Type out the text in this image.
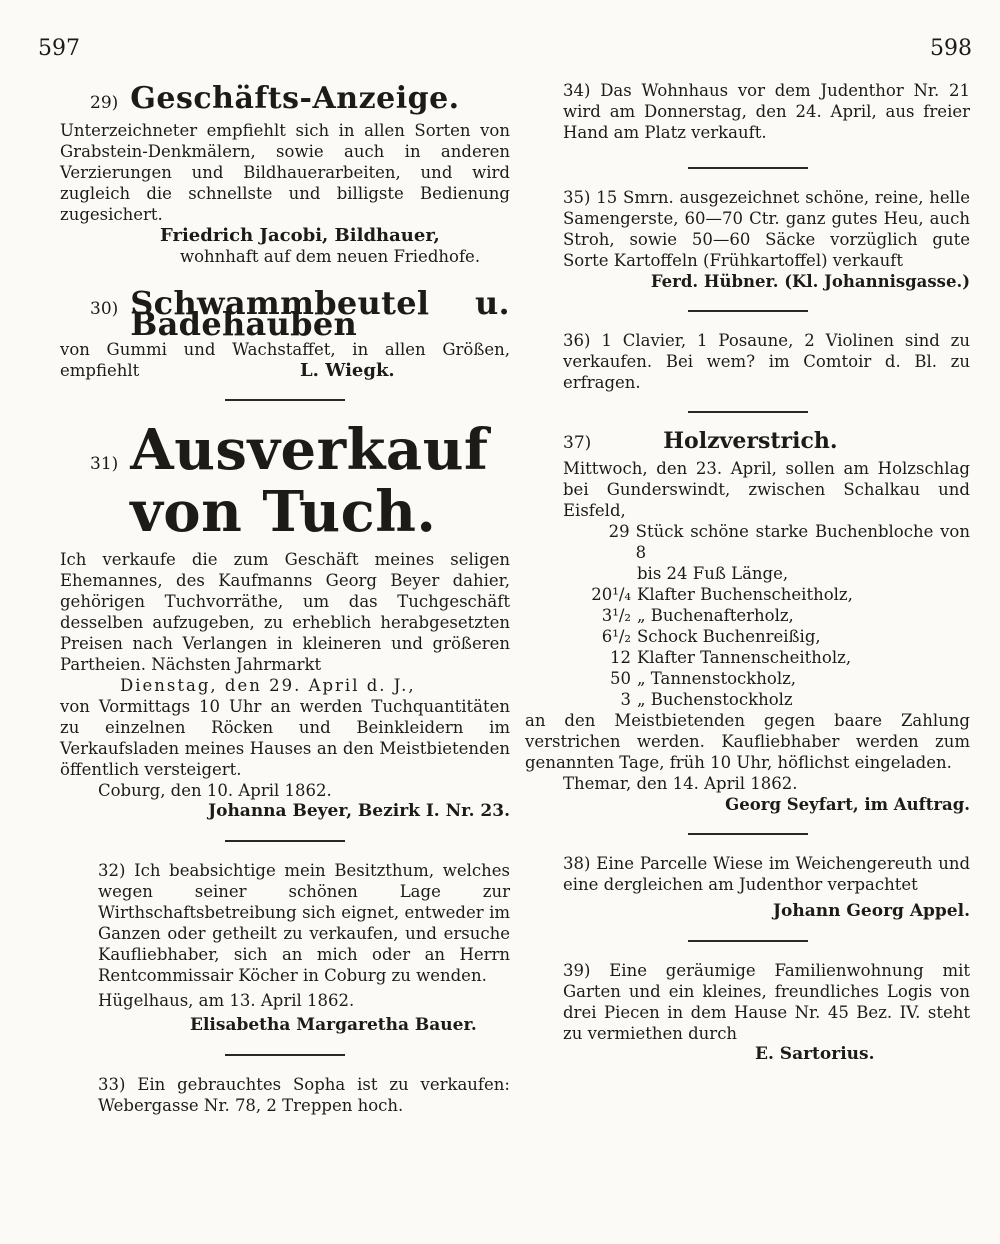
597	598
29) Geschäfts-Anzeige.

Unterzeichneter empfiehlt sich in allen Sorten von Grabstein-Denkmälern, sowie auch in anderen Verzierungen und Bildhauerarbeiten, und wird zugleich die schnellste und billigste Bedienung zugesichert.

Friedrich Jacobi, Bildhauer,

wohnhaft auf dem neuen Friedhofe.

30) Schwammbeutel u. Badehauben

von Gummi und Wachstaffet, in allen Größen, empfiehlt	L. Wiegk.

31) Ausverkauf von Tuch.

Ich verkaufe die zum Geschäft meines seligen Ehemannes, des Kaufmanns Georg Beyer dahier, gehörigen Tuchvorräthe, um das Tuchgeschäft desselben aufzugeben, zu erheblich herabgesetzten Preisen nach Verlangen in kleineren und größeren Partheien. Nächsten Jahrmarkt

Dienstag, den 29. April d. J.,

von Vormittags 10 Uhr an werden Tuchquantitäten zu einzelnen Röcken und Beinkleidern im Verkaufsladen meines Hauses an den Meistbietenden öffentlich versteigert.

Coburg, den 10. April 1862.

Johanna Beyer, Bezirk I. Nr. 23.

32) Ich beabsichtige mein Besitzthum, welches wegen seiner schönen Lage zur Wirthschaftsbetreibung sich eignet, entweder im Ganzen oder getheilt zu verkaufen, und ersuche Kaufliebhaber, sich an mich oder an Herrn Rentcommissair Köcher in Coburg zu wenden.

Hügelhaus, am 13. April 1862.

Elisabetha Margaretha Bauer.

33) Ein gebrauchtes Sopha ist zu verkaufen: Webergasse Nr. 78, 2 Treppen hoch.

34) Das Wohnhaus vor dem Judenthor Nr. 21 wird am Donnerstag, den 24. April, aus freier Hand am Platz verkauft.

35) 15 Smrn. ausgezeichnet schöne, reine, helle Samengerste, 60—70 Ctr. ganz gutes Heu, auch Stroh, sowie 50—60 Säcke vorzüglich gute Sorte Kartoffeln (Frühkartoffel) verkauft

Ferd. Hübner. (Kl. Johannisgasse.)

36) 1 Clavier, 1 Posaune, 2 Violinen sind zu verkaufen. Bei wem? im Comtoir d. Bl. zu erfragen.

37)	Holzverstrich.

Mittwoch, den 23. April, sollen am Holzschlag bei Gunderswindt, zwischen Schalkau und Eisfeld,

29 Stück schöne starke Buchenbloche von 8
bis 24 Fuß Länge,
20¹/₄ Klafter Buchenscheitholz,
3¹/₂ „ Buchenafterholz,
6¹/₂ Schock Buchenreißig,
12 Klafter Tannenscheitholz,
50 „ Tannenstockholz,
3 „ Buchenstockholz

an den Meistbietenden gegen baare Zahlung verstrichen werden. Kaufliebhaber werden zum genannten Tage, früh 10 Uhr, höflichst eingeladen.

Themar, den 14. April 1862.

Georg Seyfart, im Auftrag.

38) Eine Parcelle Wiese im Weichengereuth und eine dergleichen am Judenthor verpachtet

Johann Georg Appel.

39) Eine geräumige Familienwohnung mit Garten und ein kleines, freundliches Logis von drei Piecen in dem Hause Nr. 45 Bez. IV. steht zu vermiethen durch

E. Sartorius.
